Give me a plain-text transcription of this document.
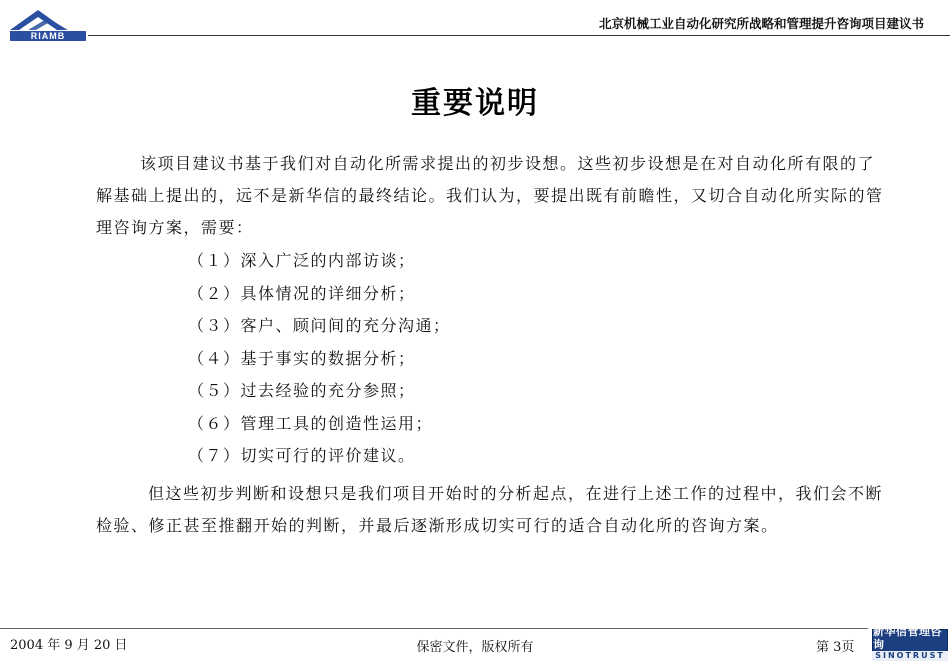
RIAMB
北京机械工业自动化研究所战略和管理提升咨询项目建议书
重要说明
该项目建议书基于我们对自动化所需求提出的初步设想。这些初步设想是在对自动化所有限的了解基础上提出的，远不是新华信的最终结论。我们认为，要提出既有前瞻性，又切合自动化所实际的管理咨询方案，需要：
（１）深入广泛的内部访谈；
（２）具体情况的详细分析；
（３）客户、顾问间的充分沟通；
（４）基于事实的数据分析；
（５）过去经验的充分参照；
（６）管理工具的创造性运用；
（７）切实可行的评价建议。
但这些初步判断和设想只是我们项目开始时的分析起点，在进行上述工作的过程中，我们会不断检验、修正甚至推翻开始的判断，并最后逐渐形成切实可行的适合自动化所的咨询方案。
2004 年 9 月 20 日	保密文件，版权所有	第 3页
新华信管理咨询
SINOTRUST
